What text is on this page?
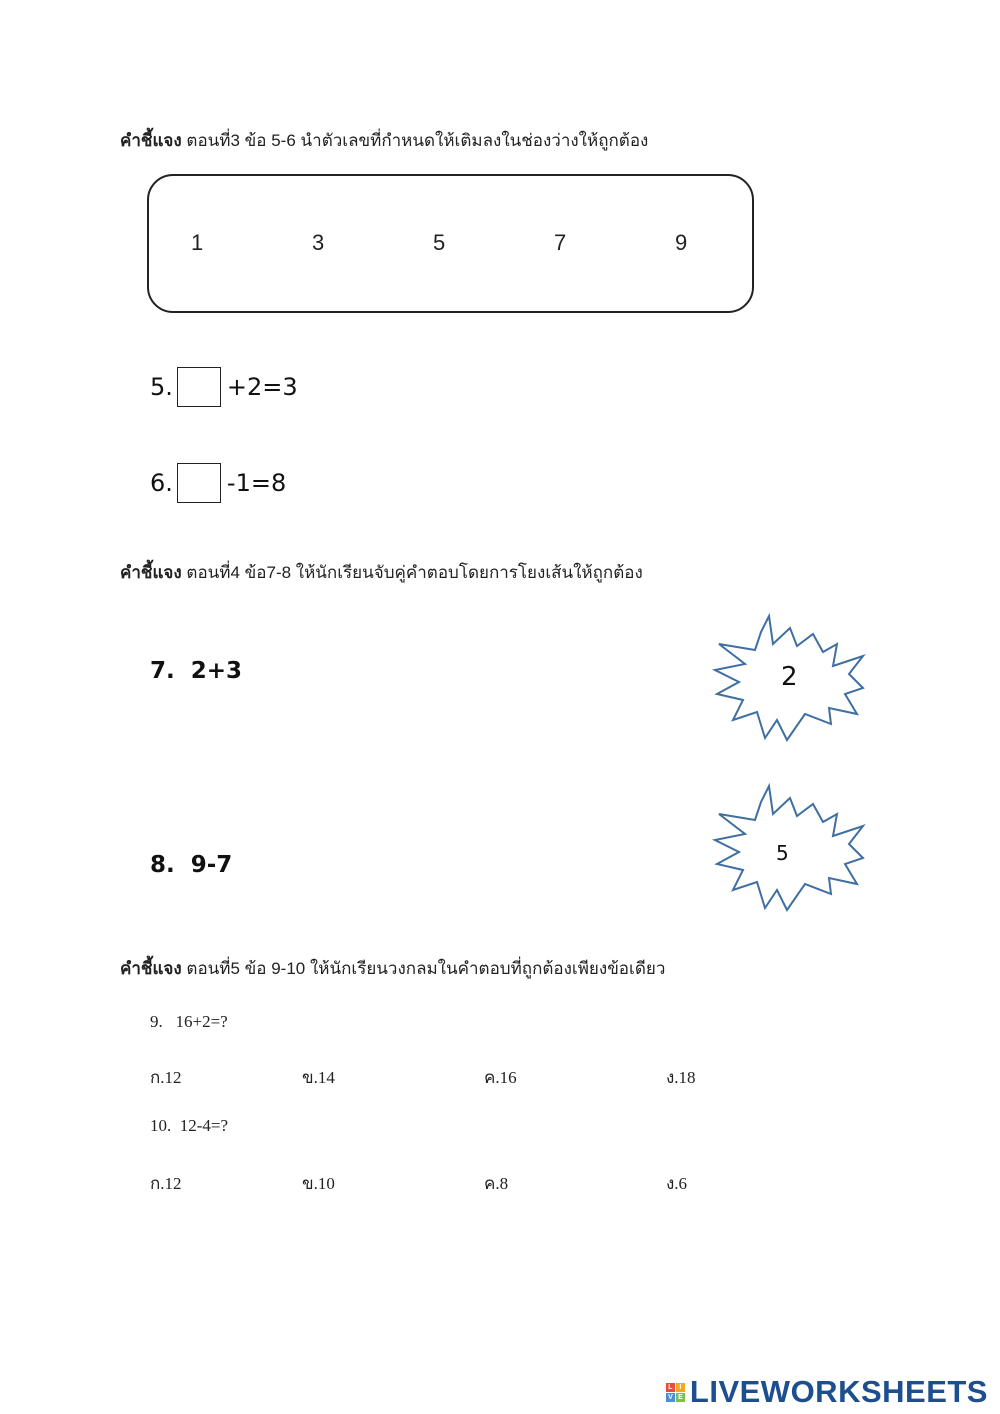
คำชี้แจง ตอนที่3 ข้อ 5-6 นำตัวเลขที่กำหนดให้เติมลงในช่องว่างให้ถูกต้อง
1	3	5	7	9
5. +2=3
6. -1=8
คำชี้แจง ตอนที่4 ข้อ7-8 ให้นักเรียนจับคู่คำตอบโดยการโยงเส้นให้ถูกต้อง
7.  2+3
8.  9-7
2
5
คำชี้แจง ตอนที่5 ข้อ 9-10 ให้นักเรียนวงกลมในคำตอบที่ถูกต้องเพียงข้อเดียว
9.   16+2=?
ก.12	ข.14	ค.16	ง.18
10.  12-4=?
ก.12	ข.10	ค.8	ง.6
L I
V E LIVEWORKSHEETS
